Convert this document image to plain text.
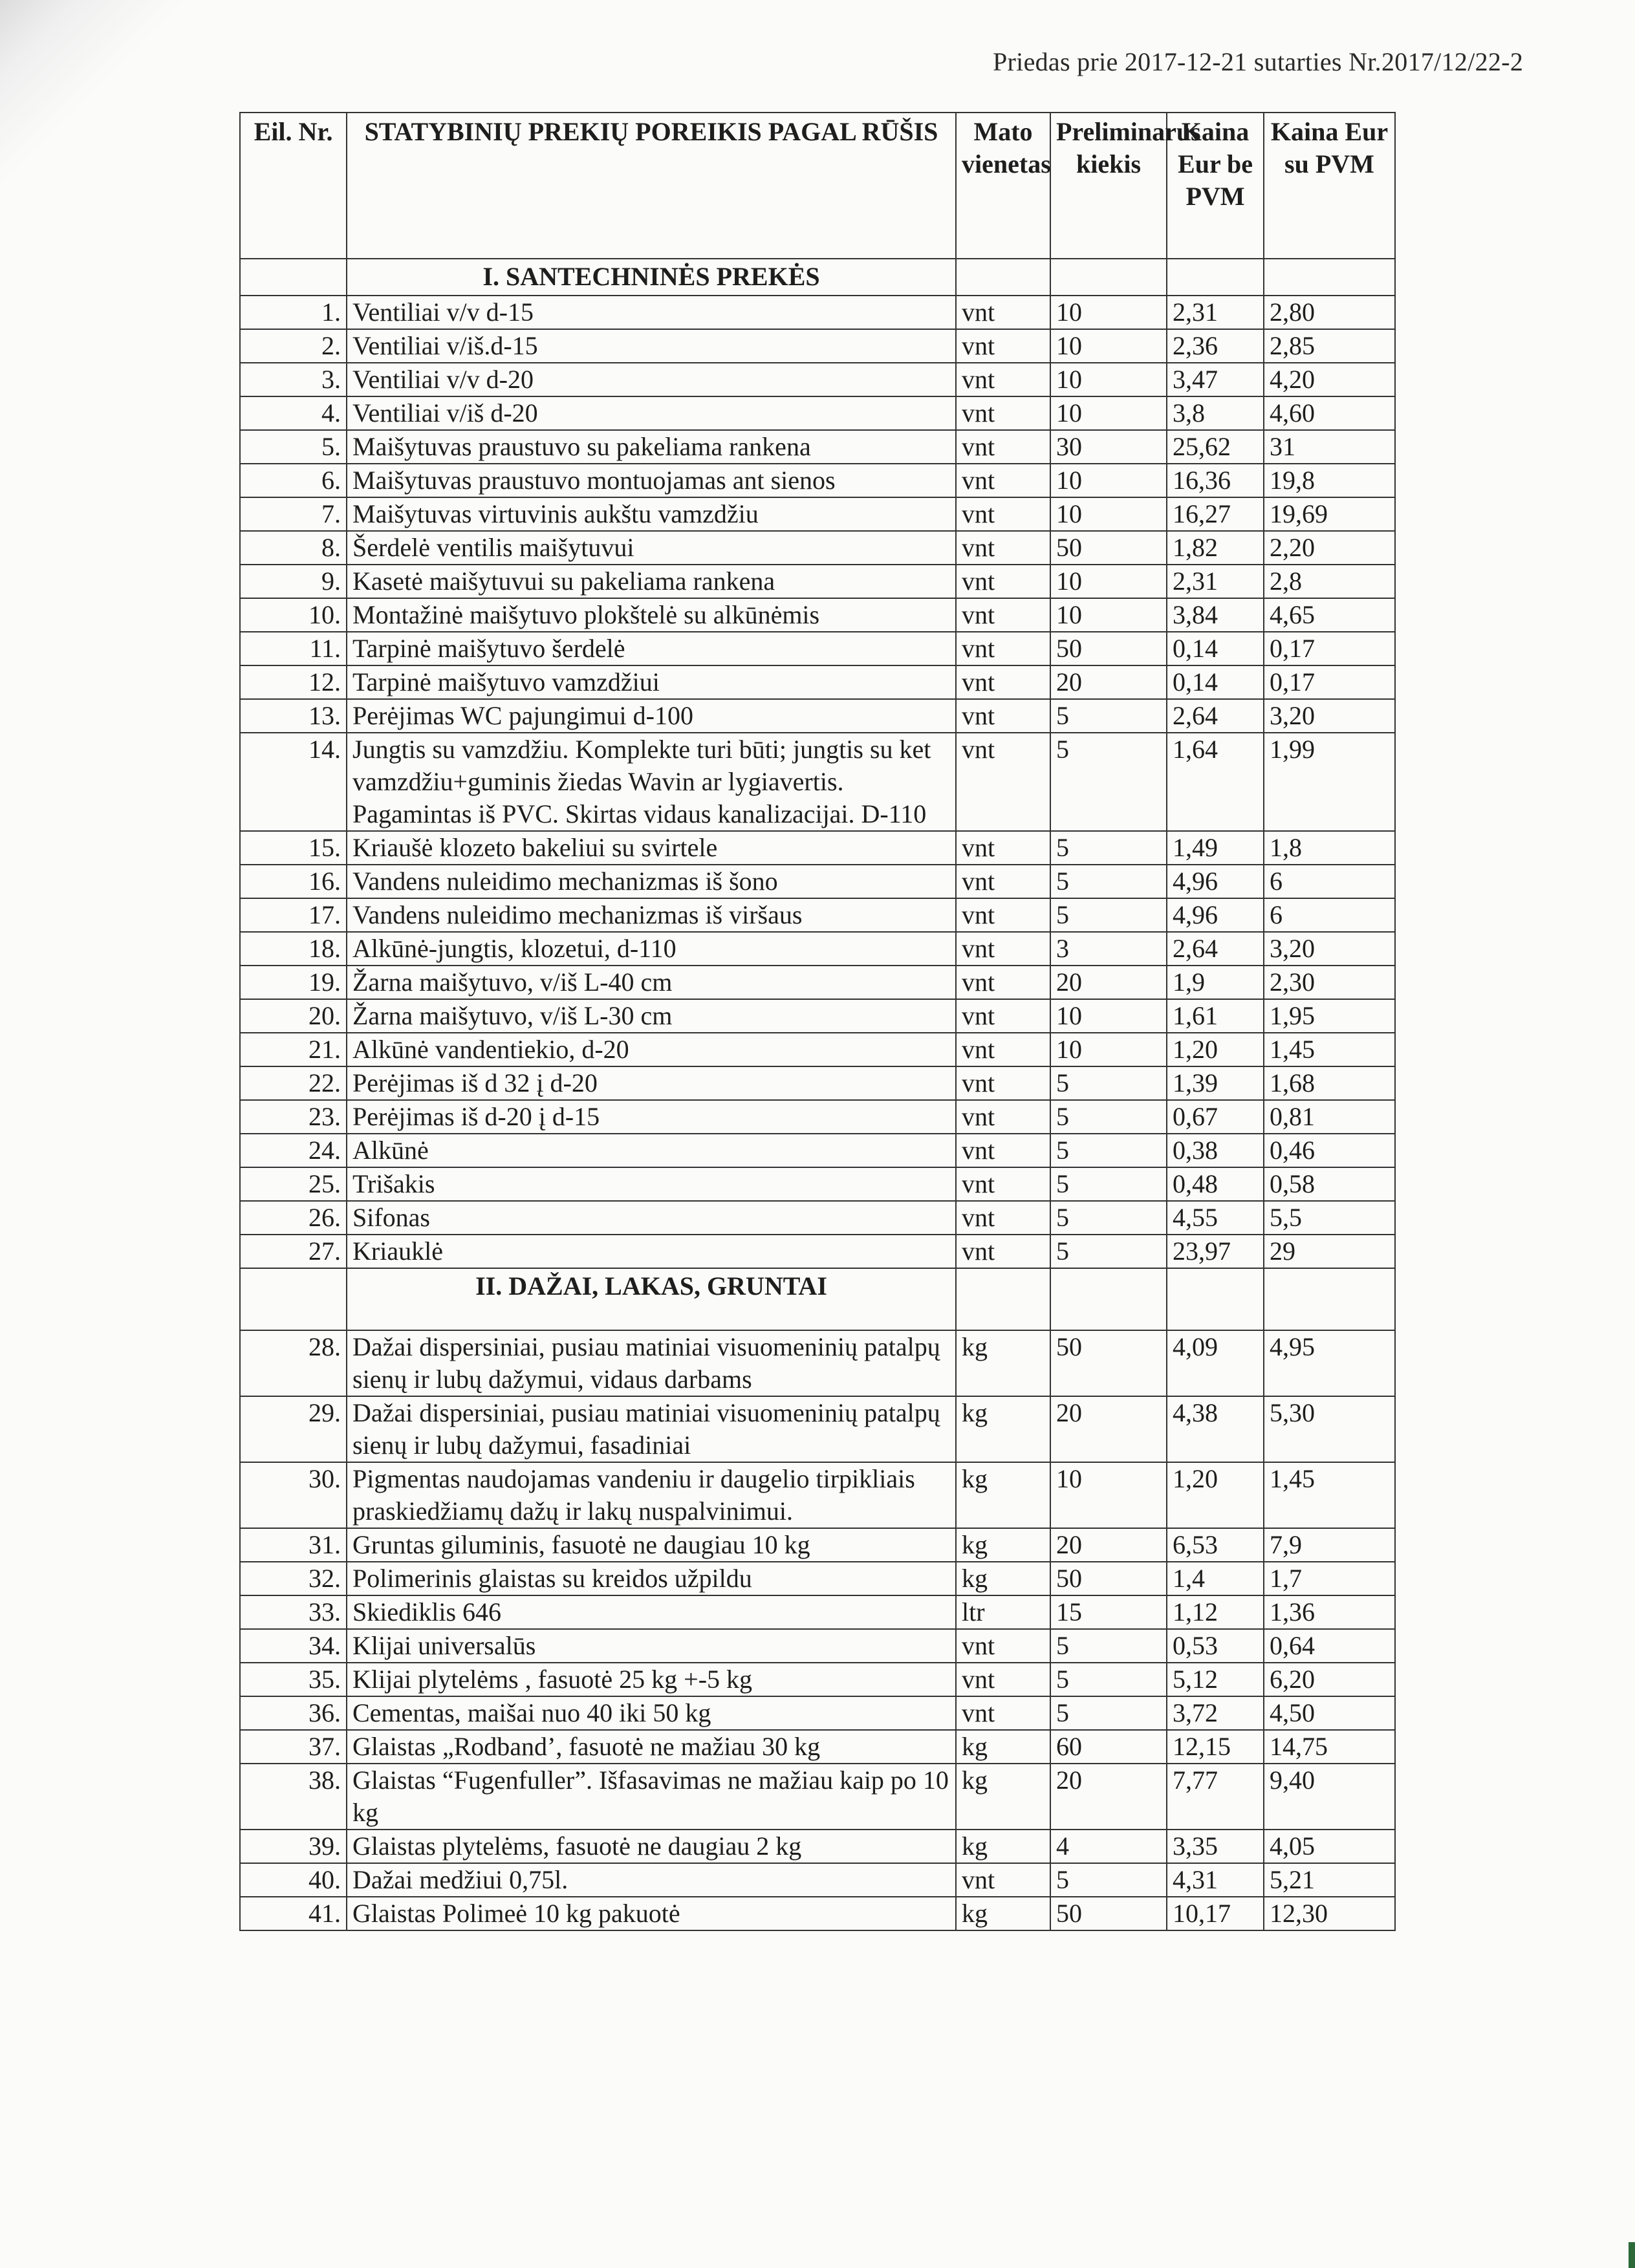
Priedas prie 2017-12-21 sutarties Nr.2017/12/22-2
Eil. Nr.	STATYBINIŲ PREKIŲ POREIKIS PAGAL RŪŠIS	Mato vienetas	Preliminarus kiekis	Kaina Eur be PVM	Kaina Eur su PVM
	I. SANTECHNINĖS PREKĖS				
1.	Ventiliai v/v d-15	vnt	10	2,31	2,80
2.	Ventiliai v/iš.d-15	vnt	10	2,36	2,85
3.	Ventiliai v/v d-20	vnt	10	3,47	4,20
4.	Ventiliai v/iš d-20	vnt	10	3,8	4,60
5.	Maišytuvas praustuvo su pakeliama rankena	vnt	30	25,62	31
6.	Maišytuvas praustuvo montuojamas ant sienos	vnt	10	16,36	19,8
7.	Maišytuvas virtuvinis aukštu vamzdžiu	vnt	10	16,27	19,69
8.	Šerdelė ventilis maišytuvui	vnt	50	1,82	2,20
9.	Kasetė maišytuvui su pakeliama rankena	vnt	10	2,31	2,8
10.	Montažinė maišytuvo plokštelė su alkūnėmis	vnt	10	3,84	4,65
11.	Tarpinė maišytuvo šerdelė	vnt	50	0,14	0,17
12.	Tarpinė maišytuvo vamzdžiui	vnt	20	0,14	0,17
13.	Perėjimas WC pajungimui d-100	vnt	5	2,64	3,20
14.	Jungtis su vamzdžiu. Komplekte turi būti; jungtis su ket vamzdžiu+guminis žiedas Wavin ar lygiavertis. Pagamintas iš PVC. Skirtas vidaus kanalizacijai. D-110	vnt	5	1,64	1,99
15.	Kriaušė klozeto bakeliui su svirtele	vnt	5	1,49	1,8
16.	Vandens nuleidimo mechanizmas iš šono	vnt	5	4,96	6
17.	Vandens nuleidimo mechanizmas iš viršaus	vnt	5	4,96	6
18.	Alkūnė-jungtis, klozetui, d-110	vnt	3	2,64	3,20
19.	Žarna maišytuvo, v/iš L-40 cm	vnt	20	1,9	2,30
20.	Žarna maišytuvo, v/iš L-30 cm	vnt	10	1,61	1,95
21.	Alkūnė vandentiekio, d-20	vnt	10	1,20	1,45
22.	Perėjimas iš d 32 į d-20	vnt	5	1,39	1,68
23.	Perėjimas iš d-20 į d-15	vnt	5	0,67	0,81
24.	Alkūnė	vnt	5	0,38	0,46
25.	Trišakis	vnt	5	0,48	0,58
26.	Sifonas	vnt	5	4,55	5,5
27.	Kriauklė	vnt	5	23,97	29
	II. DAŽAI, LAKAS, GRUNTAI				
28.	Dažai dispersiniai, pusiau matiniai visuomeninių patalpų sienų ir lubų dažymui, vidaus darbams	kg	50	4,09	4,95
29.	Dažai dispersiniai, pusiau matiniai visuomeninių patalpų sienų ir lubų dažymui, fasadiniai	kg	20	4,38	5,30
30.	Pigmentas naudojamas vandeniu ir daugelio tirpikliais praskiedžiamų dažų ir lakų nuspalvinimui.	kg	10	1,20	1,45
31.	Gruntas giluminis, fasuotė ne daugiau 10 kg	kg	20	6,53	7,9
32.	Polimerinis glaistas su kreidos užpildu	kg	50	1,4	1,7
33.	Skiediklis 646	ltr	15	1,12	1,36
34.	Klijai universalūs	vnt	5	0,53	0,64
35.	Klijai plytelėms , fasuotė 25 kg +-5 kg	vnt	5	5,12	6,20
36.	Cementas, maišai nuo 40 iki 50 kg	vnt	5	3,72	4,50
37.	Glaistas „Rodband’, fasuotė ne mažiau 30 kg	kg	60	12,15	14,75
38.	Glaistas “Fugenfuller”. Išfasavimas ne mažiau kaip po 10 kg	kg	20	7,77	9,40
39.	Glaistas plytelėms, fasuotė ne daugiau 2 kg	kg	4	3,35	4,05
40.	Dažai medžiui 0,75l.	vnt	5	4,31	5,21
41.	Glaistas Polimeė 10 kg pakuotė	kg	50	10,17	12,30
